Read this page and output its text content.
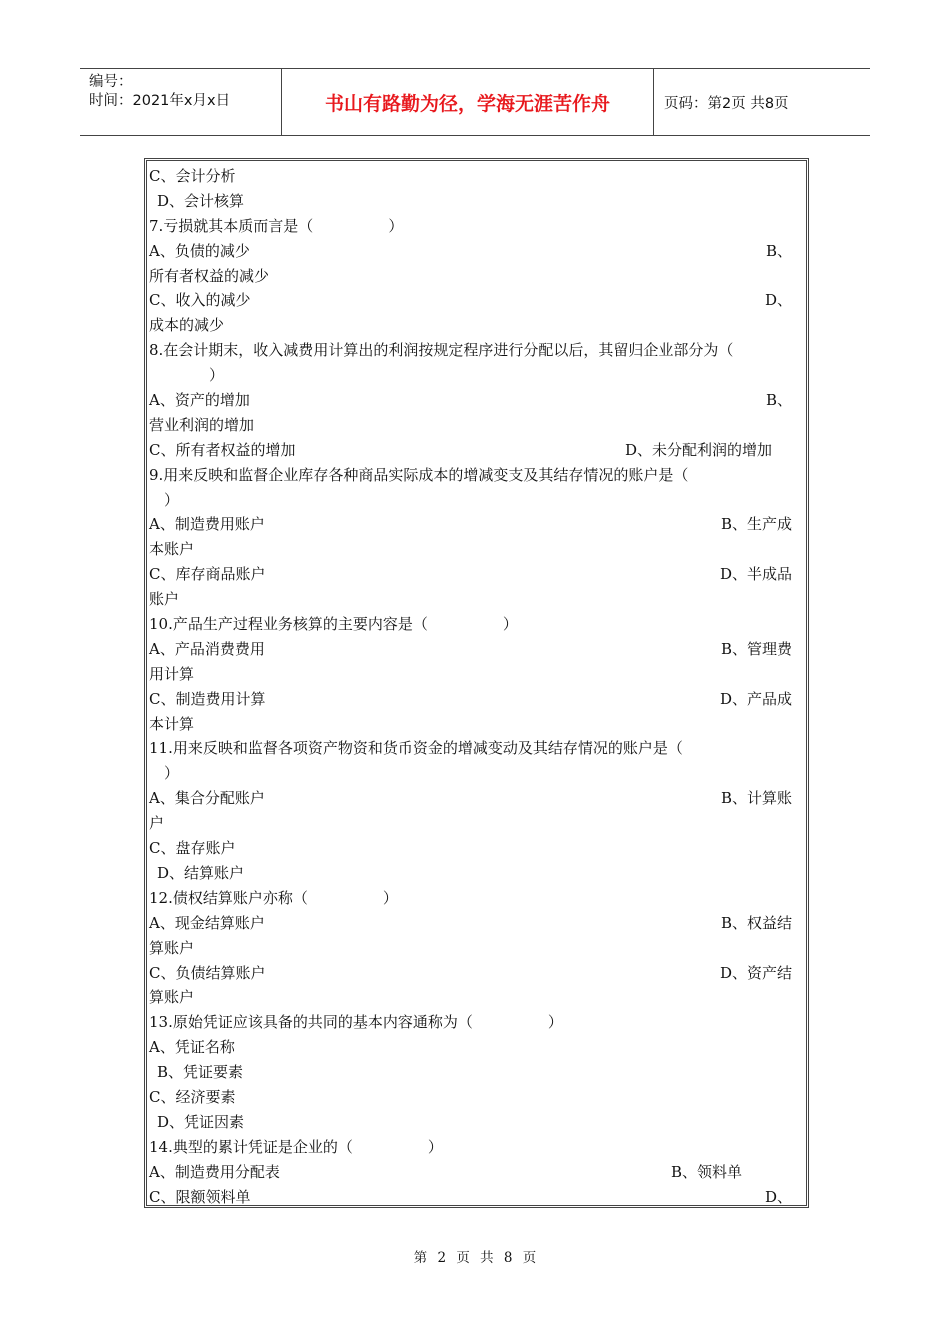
编号：
时间：2021年x月x日	书山有路勤为径，学海无涯苦作舟	页码：第2页 共8页
C、会计分析
D、会计核算
7.亏损就其本质而言是（　　　　　）
A、负债的减少	B、
所有者权益的减少
C、收入的减少	D、
成本的减少
8.在会计期末，收入减费用计算出的利润按规定程序进行分配以后，其留归企业部分为（
　　　　）
A、资产的增加	B、
营业利润的增加
C、所有者权益的增加	D、未分配利润的增加
9.用来反映和监督企业库存各种商品实际成本的增减变支及其结存情况的账户是（
　）
A、制造费用账户	B、生产成
本账户
C、库存商品账户	D、半成品
账户
10.产品生产过程业务核算的主要内容是（　　　　　）
A、产品消费费用	B、管理费
用计算
C、制造费用计算	D、产品成
本计算
11.用来反映和监督各项资产物资和货币资金的增减变动及其结存情况的账户是（
　）
A、集合分配账户	B、计算账
户
C、盘存账户
D、结算账户
12.债权结算账户亦称（　　　　　）
A、现金结算账户	B、权益结
算账户
C、负债结算账户	D、资产结
算账户
13.原始凭证应该具备的共同的基本内容通称为（　　　　　）
A、凭证名称
B、凭证要素
C、经济要素
D、凭证因素
14.典型的累计凭证是企业的（　　　　　）
A、制造费用分配表	B、领料单
C、限额领料单	D、
第 2 页 共 8 页
